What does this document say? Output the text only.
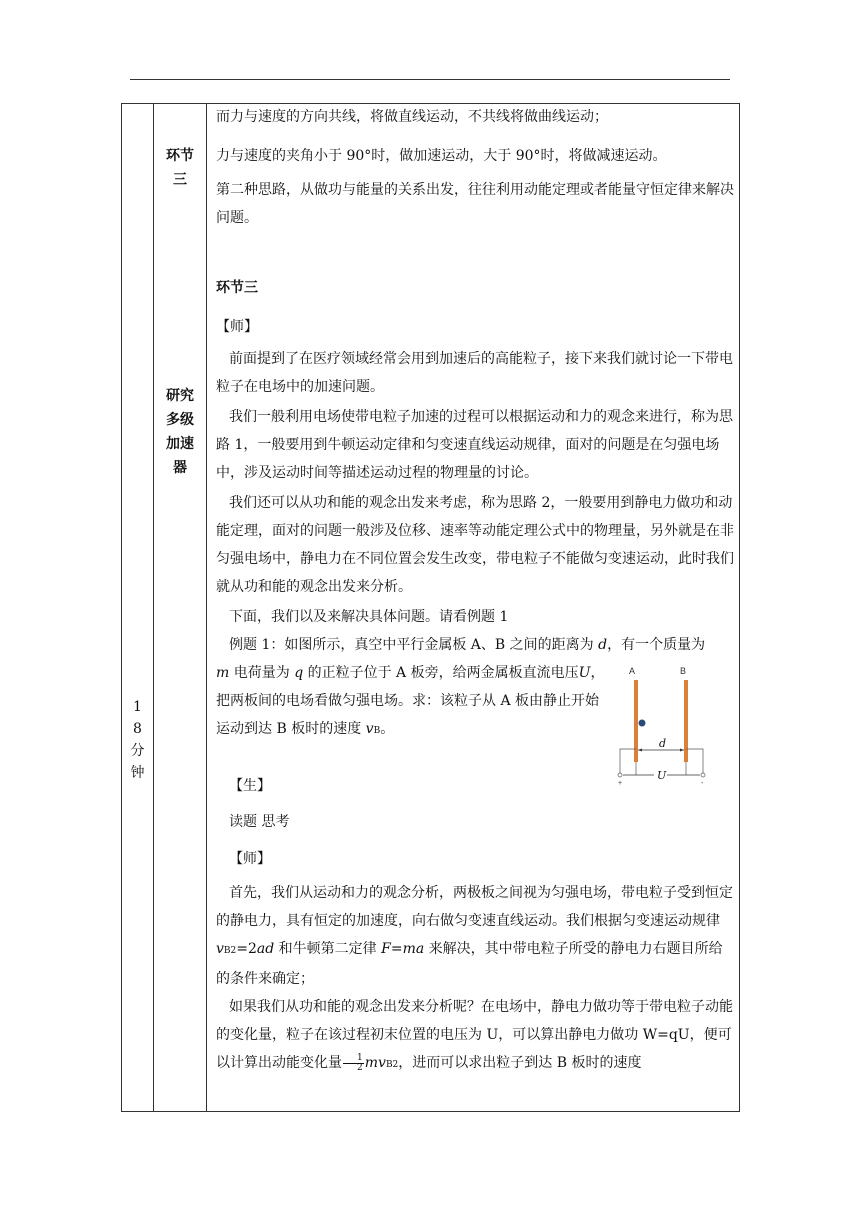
18分钟

环节三
研究多级加速器

而力与速度的方向共线，将做直线运动，不共线将做曲线运动；

力与速度的夹角小于 90°时，做加速运动，大于 90°时，将做减速运动。

第二种思路，从做功与能量的关系出发，往往利用动能定理或者能量守恒定律来解决问题。

环节三

【师】

前面提到了在医疗领域经常会用到加速后的高能粒子，接下来我们就讨论一下带电粒子在电场中的加速问题。

我们一般利用电场使带电粒子加速的过程可以根据运动和力的观念来进行，称为思路 1，一般要用到牛顿运动定律和匀变速直线运动规律，面对的问题是在匀强电场中，涉及运动时间等描述运动过程的物理量的讨论。

我们还可以从功和能的观念出发来考虑，称为思路 2，一般要用到静电力做功和动能定理，面对的问题一般涉及位移、速率等动能定理公式中的物理量，另外就是在非匀强电场中，静电力在不同位置会发生改变，带电粒子不能做匀变速运动，此时我们就从功和能的观念出发来分析。

下面，我们以及来解决具体问题。请看例题 1

例题 1：如图所示，真空中平行金属板 A、B 之间的距离为 d，有一个质量为

m 电荷量为 q 的正粒子位于 A 板旁，给两金属板直流电压U，把两板间的电场看做匀强电场。求：该粒子从 A 板由静止开始运动到达 B 板时的速度 vB。

A	B
d
U
+	-

【生】

读题 思考

【师】

首先，我们从运动和力的观念分析，两极板之间视为匀强电场，带电粒子受到恒定的静电力，具有恒定的加速度，向右做匀变速直线运动。我们根据匀变速运动规律 vB2=2ad 和牛顿第二定律 F=ma 来解决，其中带电粒子所受的静电力右题目所给的条件来确定；

如果我们从功和能的观念出发来分析呢？在电场中，静电力做功等于带电粒子动能的变化量，粒子在该过程初末位置的电压为 U，可以算出静电力做功 W=qU，便可以计算出动能变化量 $\frac{1}{2} mvB2$，进而可以求出粒子到达 B 板时的速度
